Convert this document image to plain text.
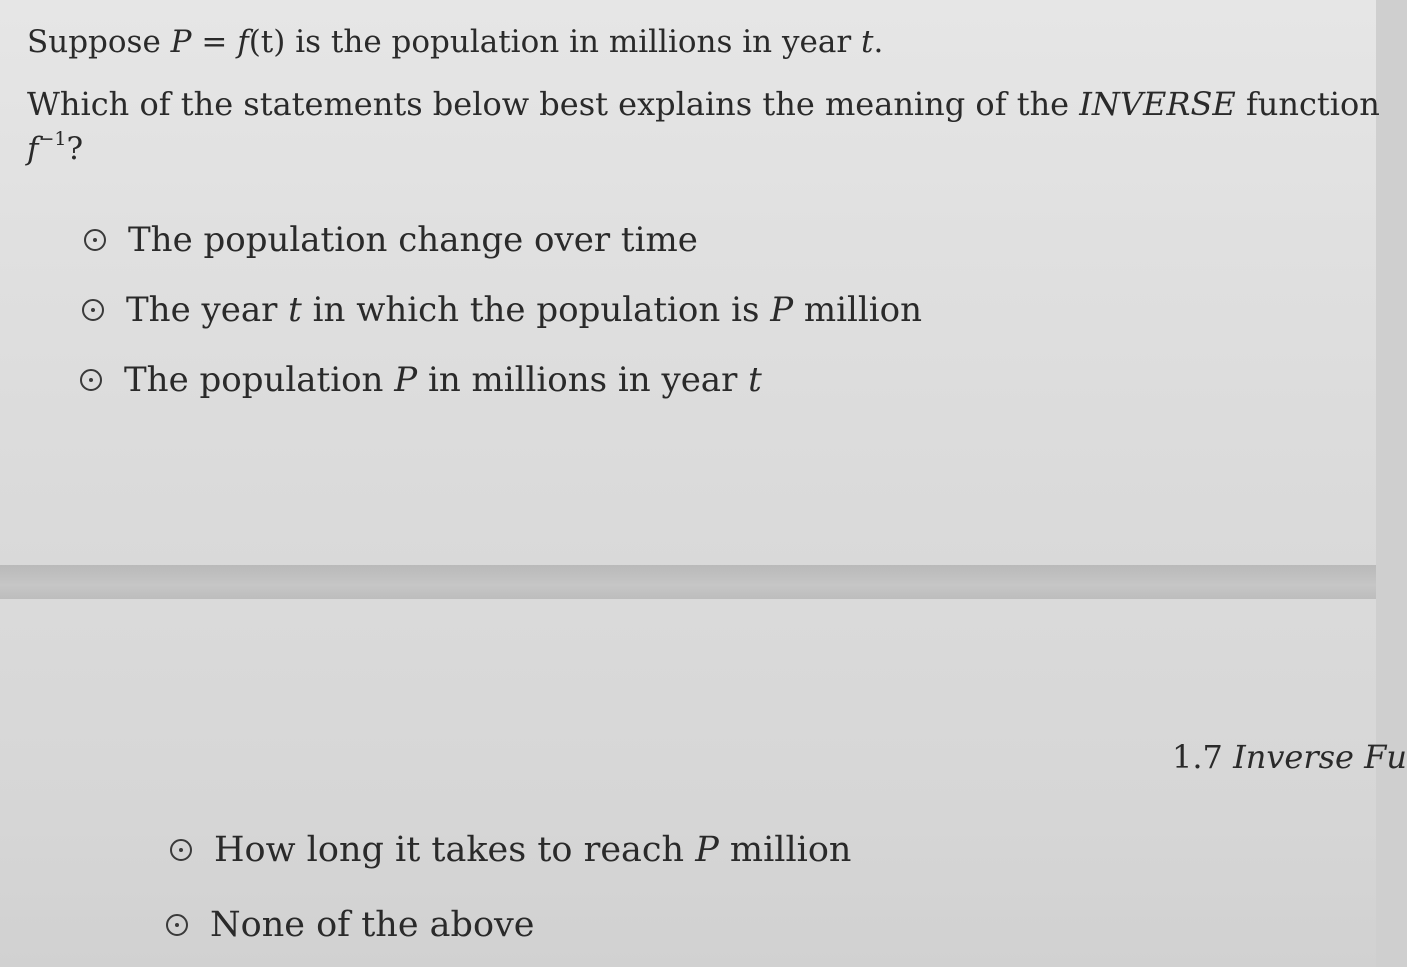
Suppose P = f(t) is the population in millions in year t.
Which of the statements below best explains the meaning of the INVERSE function
$f^{-1}$?
The population change over time
The year t in which the population is P million
The population P in millions in year t
1.7 Inverse Fu
How long it takes to reach P million
None of the above
